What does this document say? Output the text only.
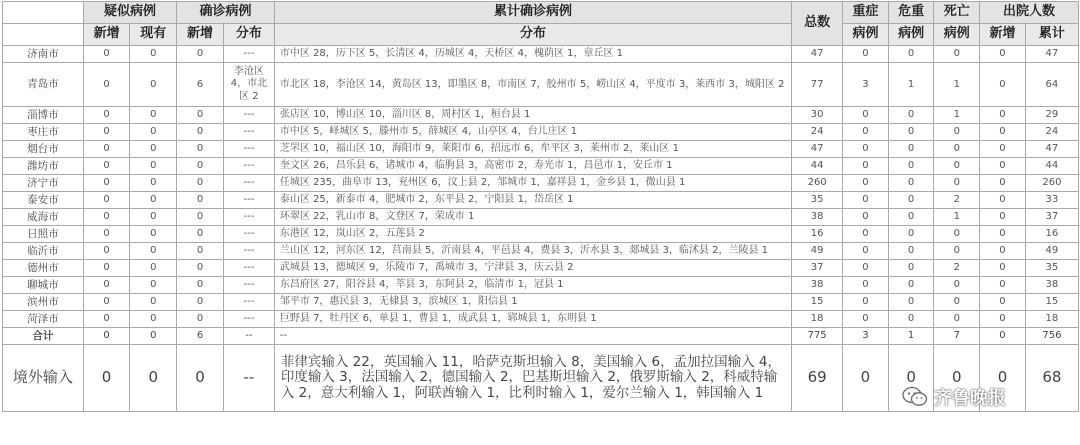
	疑似病例		确诊病例		累计确诊病例	总数	重症	危重	死亡	出院人数	
	新增	现有	新增	分布	分布		病例	病例	病例	新增	累计
济南市	0	0	0	---	市中区 28，历下区 5，长清区 4，历城区 4，天桥区 4，槐荫区 1，章丘区 1	47	0	0	0	0	47
青岛市	0	0	6	李沧区 4，市北区 2	市北区 18，李沧区 14，黄岛区 13，即墨区 8，市南区 7，胶州市 5，崂山区 4，平度市 3，莱西市 3，城阳区 2	77	3	1	1	0	64
淄博市	0	0	0	---	张店区 10，博山区 10，淄川区 8，周村区 1，桓台县 1	30	0	0	1	0	29
枣庄市	0	0	0	---	市中区 5，峄城区 5，滕州市 5，薛城区 4，山亭区 4，台儿庄区 1	24	0	0	0	0	24
烟台市	0	0	0	---	芝罘区 10，福山区 10，海阳市 9，莱阳市 6，招远市 6，牟平区 3，莱州市 2，莱山区 1	47	0	0	0	0	47
潍坊市	0	0	0	---	奎文区 26，昌乐县 6，诸城市 4，临朐县 3，高密市 2，寿光市 1，昌邑市 1，安丘市 1	44	0	0	0	0	44
济宁市	0	0	0	---	任城区 235，曲阜市 13，兖州区 6，汶上县 2，邹城市 1，嘉祥县 1，金乡县 1，微山县 1	260	0	0	0	0	260
泰安市	0	0	0	---	泰山区 25，新泰市 4，肥城市 2，东平县 2，宁阳县 1，岱岳区 1	35	0	0	2	0	33
威海市	0	0	0	---	环翠区 22，乳山市 8，文登区 7，荣成市 1	38	0	0	1	0	37
日照市	0	0	0	---	东港区 12，岚山区 2，五莲县 2	16	0	0	0	0	16
临沂市	0	0	0	---	兰山区 12，河东区 12，莒南县 5，沂南县 4，平邑县 4，费县 3，沂水县 3，郯城县 3，临沭县 2，兰陵县 1	49	0	0	0	0	49
德州市	0	0	0	---	武城县 13，德城区 9，乐陵市 7，禹城市 3，宁津县 3，庆云县 2	37	0	0	2	0	35
聊城市	0	0	0	---	东昌府区 27，阳谷县 4，莘县 3，东阿县 2，临清市 1，冠县 1	38	0	0	0	0	38
滨州市	0	0	0	---	邹平市 7，惠民县 3，无棣县 3，滨城区 1，阳信县 1	15	0	0	0	0	15
菏泽市	0	0	0	---	巨野县 7，牡丹区 6，单县 1，曹县 1，成武县 1，郓城县 1，东明县 1	18	0	0	0	0	18
合计	0	0	6	--	--	775	3	1	7	0	756
境外输入	0	0	0	--	菲律宾输入 22，英国输入 11，哈萨克斯坦输入 8，美国输入 6，孟加拉国输入 4，印度输入 3，法国输入 2，德国输入 2，巴基斯坦输入 2，俄罗斯输入 2，科威特输入 2，意大利输入 1，阿联酋输入 1，比利时输入 1，爱尔兰输入 1，韩国输入 1	69	0	0	0	0	68
齐鲁晚报
